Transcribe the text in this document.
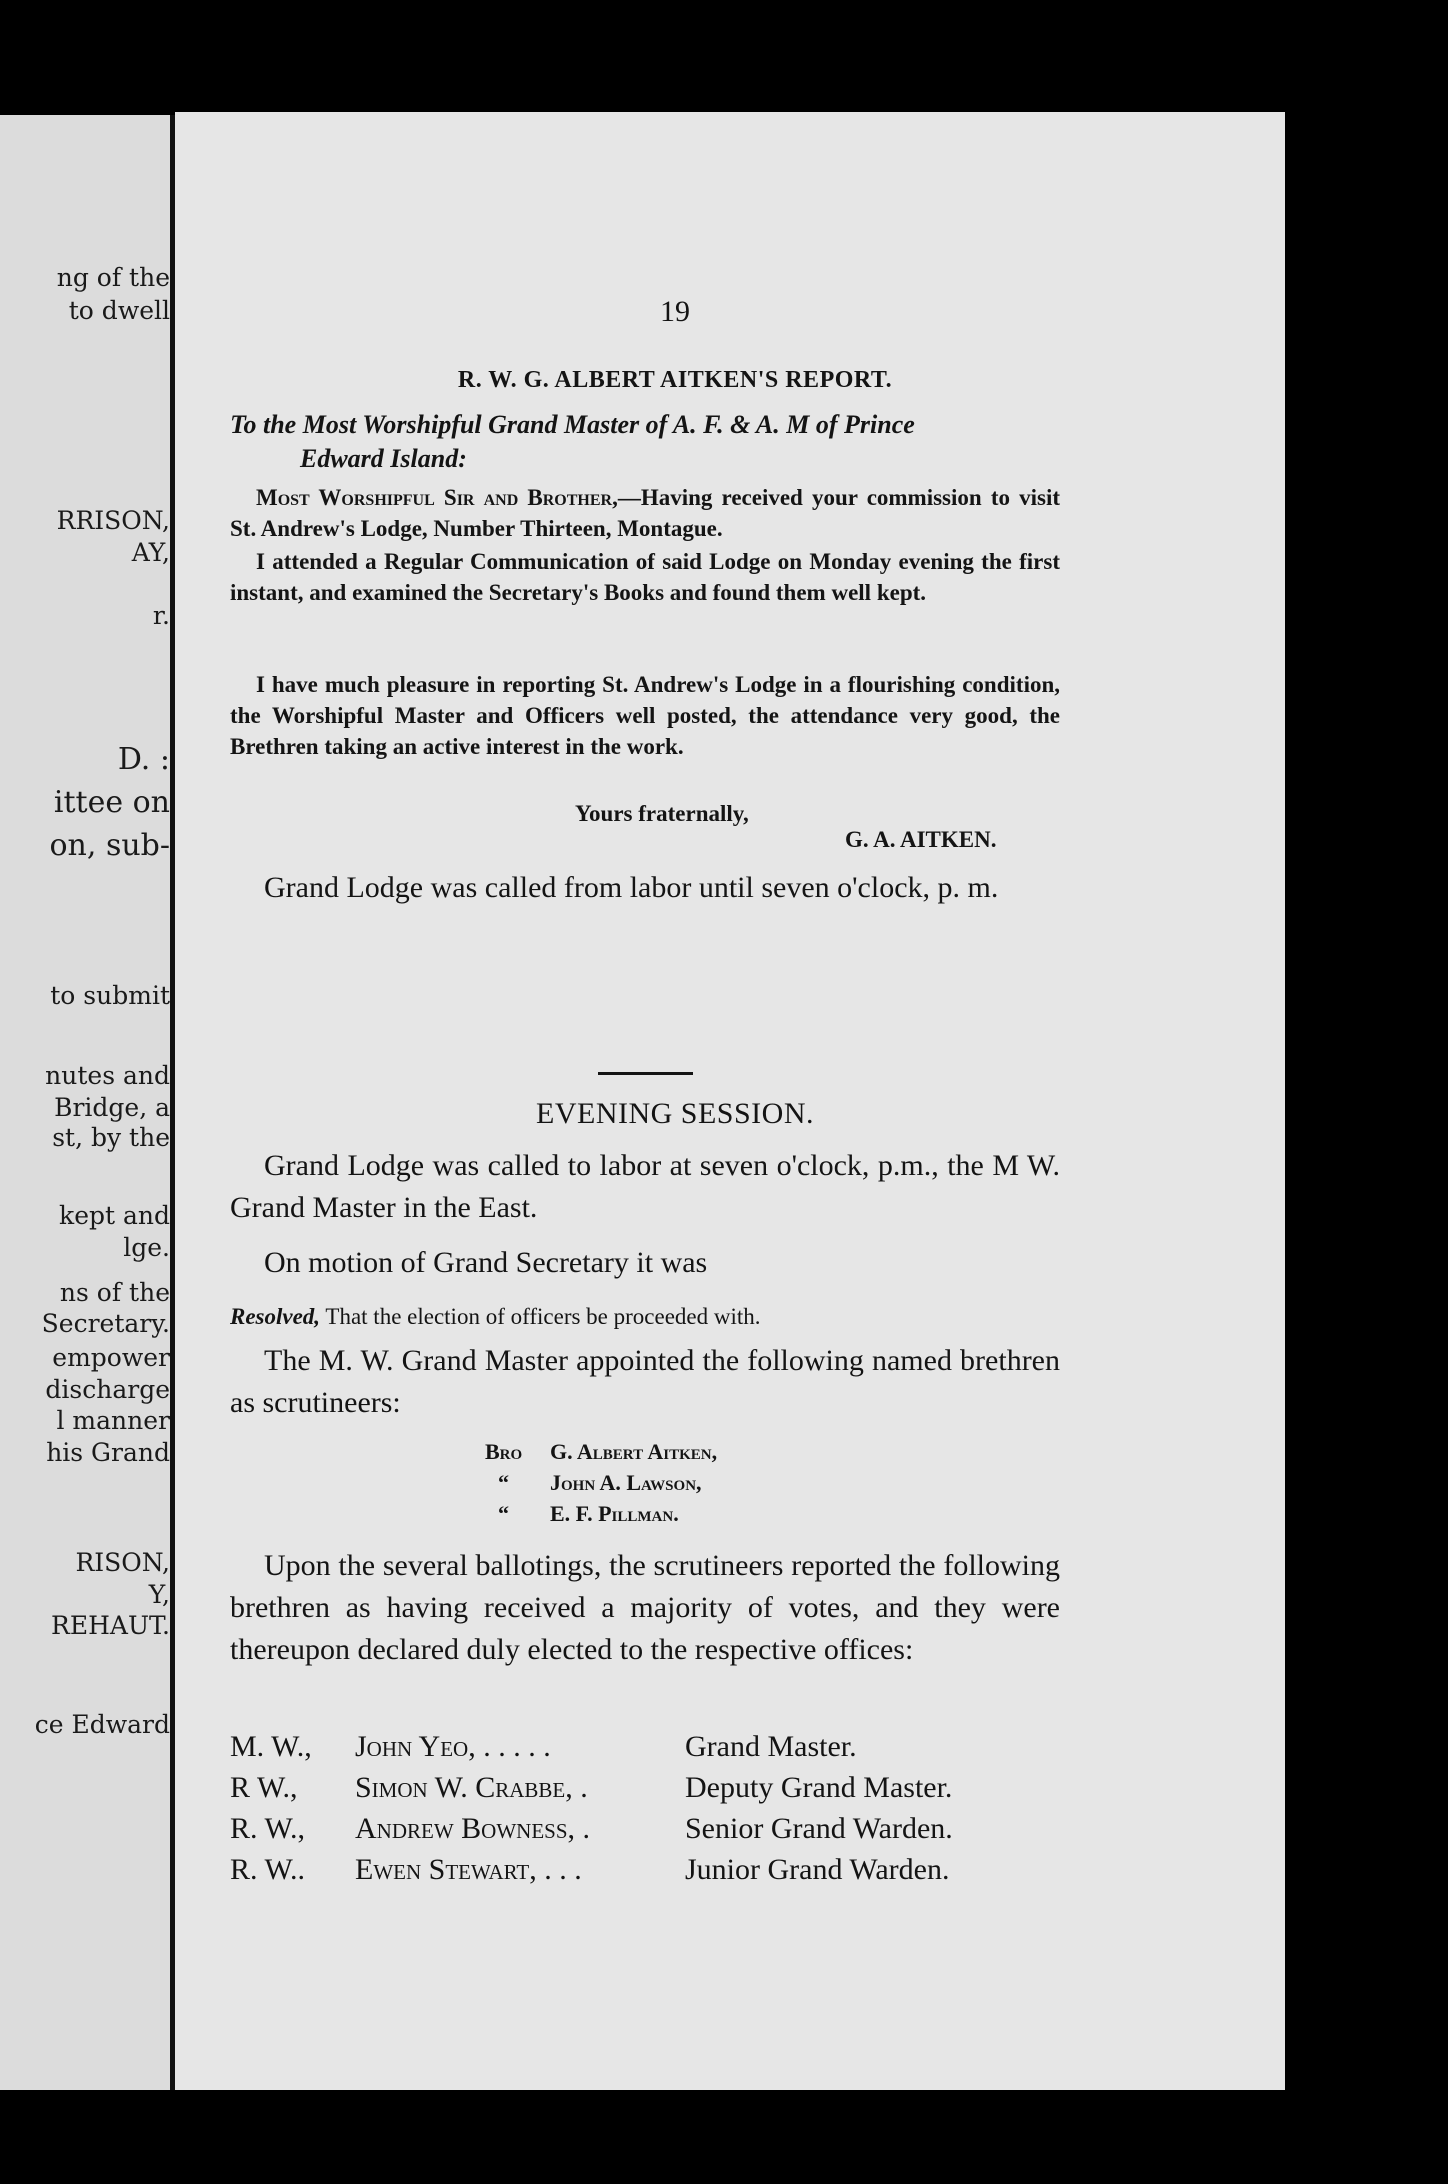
ng of the
to dwell
RRISON,
AY,
r.
D. :
ittee on
on, sub-
to submit
nutes and
Bridge, a
st, by the
kept and
lge.
ns of the
Secretary.
empower
discharge
l manner
his Grand
RISON,
Y,
REHAUT.
ce Edward
19
R. W. G. ALBERT AITKEN'S REPORT.
To the Most Worshipful Grand Master of A. F. & A. M of Prince
Edward Island:
Most Worshipful Sir and Brother,—Having received your commission to visit St. Andrew's Lodge, Number Thirteen, Montague.
I attended a Regular Communication of said Lodge on Monday evening the first instant, and examined the Secretary's Books and found them well kept.
I have much pleasure in reporting St. Andrew's Lodge in a flourishing condition, the Worshipful Master and Officers well posted, the attendance very good, the Brethren taking an active interest in the work.
Yours fraternally,
G. A. AITKEN.
Grand Lodge was called from labor until seven o'clock, p. m.
EVENING SESSION.
Grand Lodge was called to labor at seven o'clock, p.m., the M W. Grand Master in the East.
On motion of Grand Secretary it was
Resolved, That the election of officers be proceeded with.
The M. W. Grand Master appointed the following named brethren as scrutineers:
Bro G. Albert Aitken,
“ John A. Lawson,
“ E. F. Pillman.
Upon the several ballotings, the scrutineers reported the following brethren as having received a majority of votes, and they were thereupon declared duly elected to the respective offices:
M. W., John Yeo, . . . . .	Grand Master.
R W., Simon W. Crabbe, .	Deputy Grand Master.
R. W., Andrew Bowness, .	Senior Grand Warden.
R. W.. Ewen Stewart, . . .	Junior Grand Warden.
